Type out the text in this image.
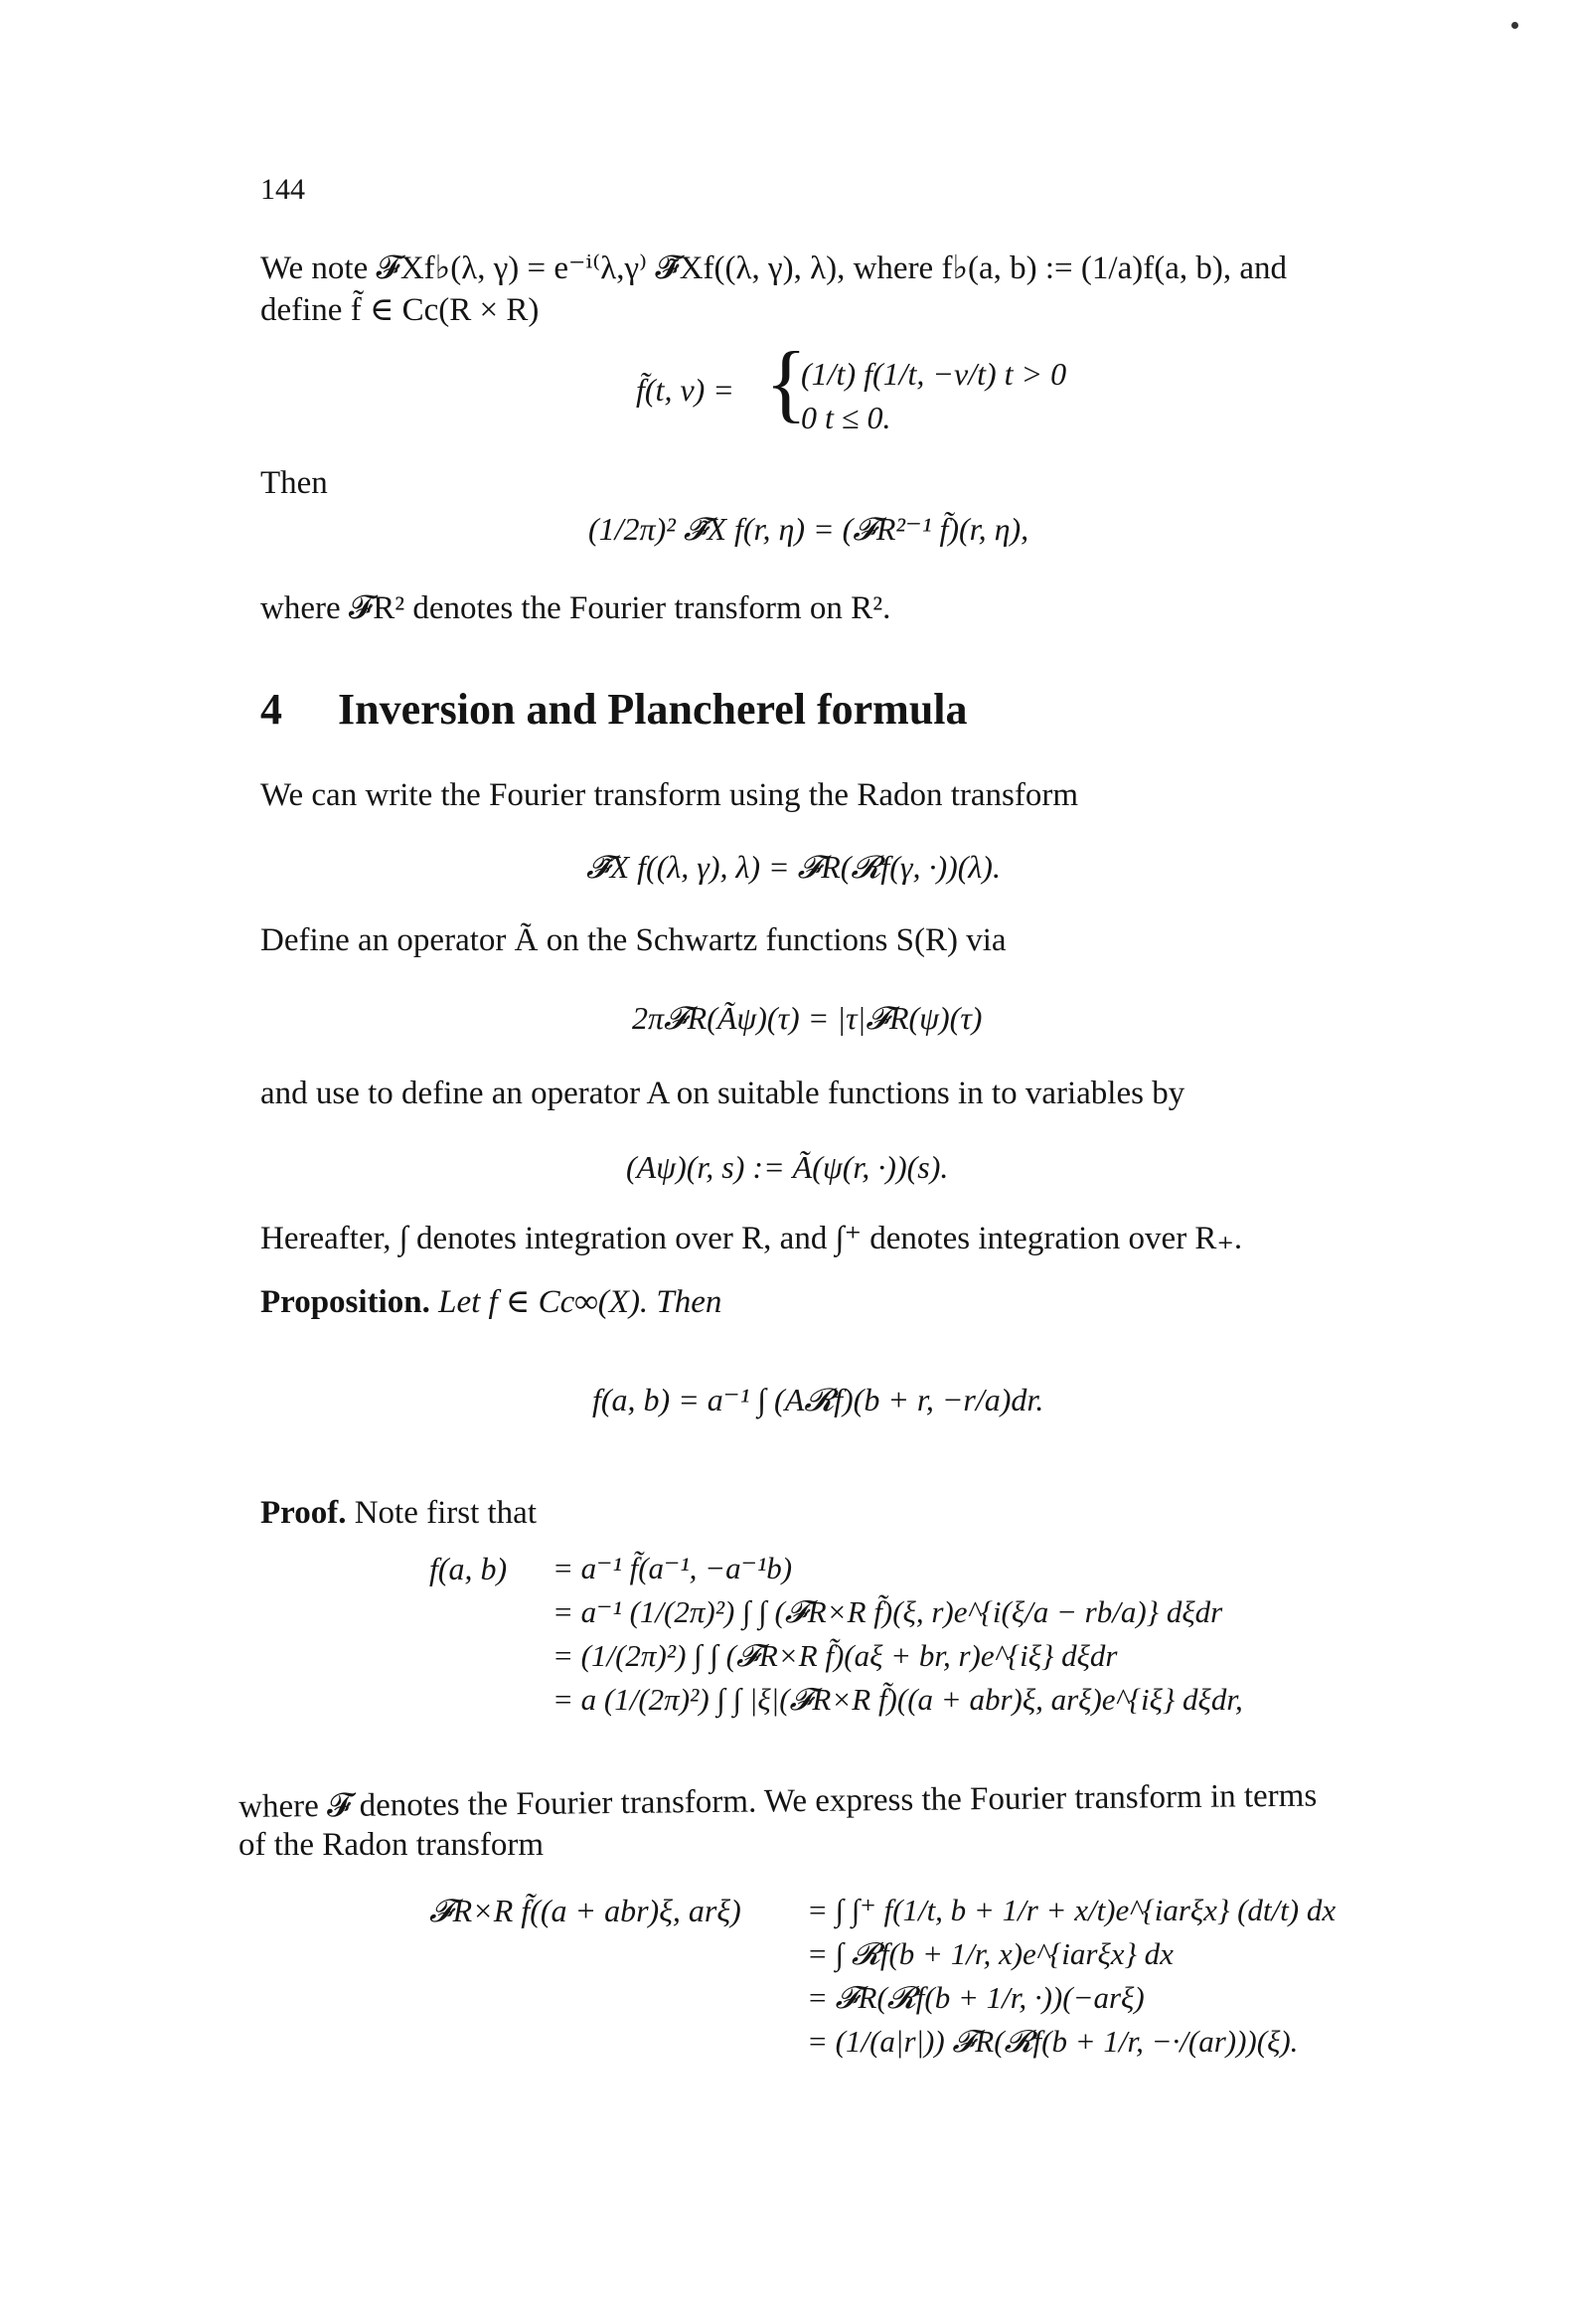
144
We note 𝓕Xf♭(λ, γ) = e⁻ⁱ⁽λ,γ⁾ 𝓕̃Xf((λ, γ), λ), where f♭(a, b) := (1/a)f(a, b), and
define f̃ ∈ Cc(R × R)
f̃(t, v) = {
(1/t) f(1/t, −v/t) t > 0
0 t ≤ 0.
Then
(1/2π)² 𝓕̃X f(r, η) = (𝓕R²⁻¹ f̃)(r, η),
where 𝓕R² denotes the Fourier transform on R².
4 Inversion and Plancherel formula
We can write the Fourier transform using the Radon transform
𝓕̃X f((λ, γ), λ) = 𝓕R(𝓡f(γ, ·))(λ).
Define an operator Ã on the Schwartz functions S(R) via
2π𝓕R(Ãψ)(τ) = |τ|𝓕R(ψ)(τ)
and use to define an operator A on suitable functions in to variables by
(Aψ)(r, s) := Ã(ψ(r, ·))(s).
Hereafter, ∫ denotes integration over R, and ∫⁺ denotes integration over R₊.
Proposition. Let f ∈ Cc∞(X). Then
f(a, b) = a⁻¹ ∫ (A𝓡f)(b + r, −r/a)dr.
Proof. Note first that
f(a, b) = a⁻¹ f̃(a⁻¹, −a⁻¹b)
= a⁻¹ (1/(2π)²) ∫ ∫ (𝓕R×R f̃)(ξ, r)e^{i(ξ/a − rb/a)} dξdr
= (1/(2π)²) ∫ ∫ (𝓕R×R f̃)(aξ + br, r)e^{iξ} dξdr
= a (1/(2π)²) ∫ ∫ |ξ|(𝓕R×R f̃)((a + abr)ξ, arξ)e^{iξ} dξdr,
where 𝓕 denotes the Fourier transform. We express the Fourier transform in terms
of the Radon transform
𝓕R×R f̃((a + abr)ξ, arξ) = ∫ ∫⁺ f(1/t, b + 1/r + x/t)e^{iarξx} (dt/t) dx
= ∫ 𝓡f(b + 1/r, x)e^{iarξx} dx
= 𝓕R(𝓡f(b + 1/r, ·))(−arξ)
= (1/(a|r|)) 𝓕R(𝓡f(b + 1/r, −·/(ar)))(ξ).
